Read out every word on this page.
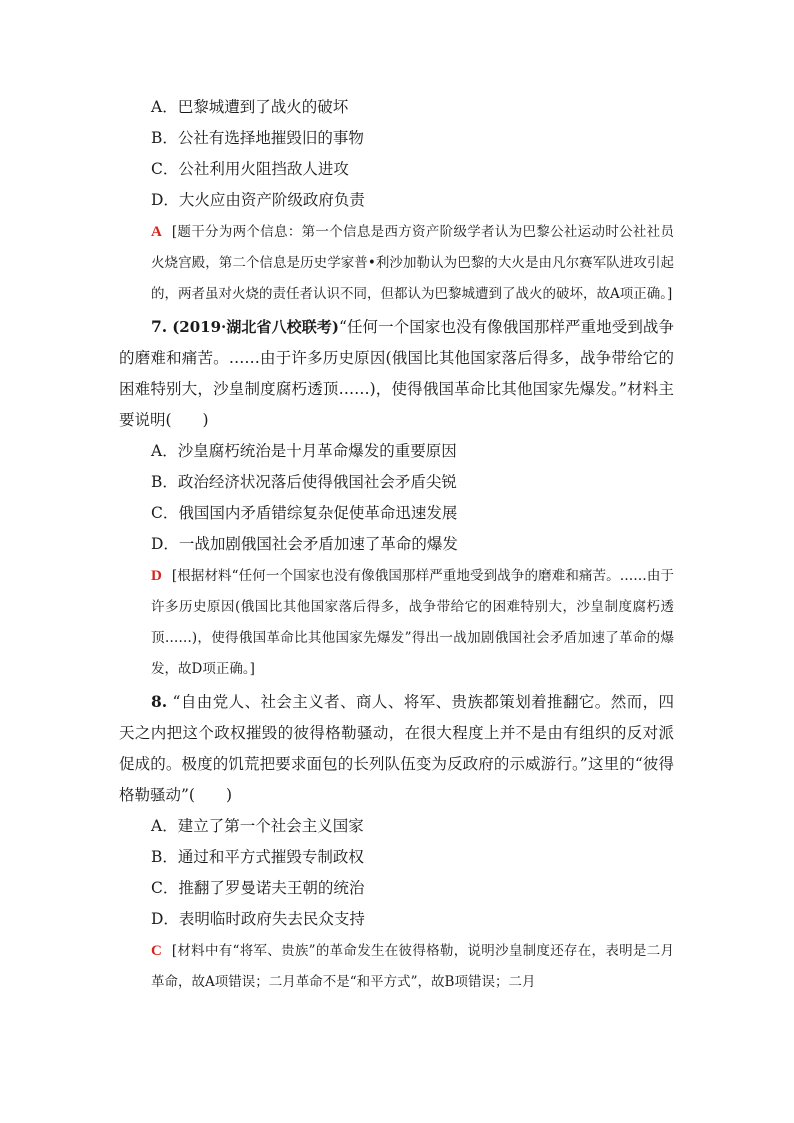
A．巴黎城遭到了战火的破坏
B．公社有选择地摧毁旧的事物
C．公社利用火阻挡敌人进攻
D．大火应由资产阶级政府负责
A [题干分为两个信息：第一个信息是西方资产阶级学者认为巴黎公社运动时公社社员火烧宫殿，第二个信息是历史学家普•利沙加勒认为巴黎的大火是由凡尔赛军队进攻引起的，两者虽对火烧的责任者认识不同，但都认为巴黎城遭到了战火的破坏，故A项正确。]
7. (2019·湖北省八校联考)“任何一个国家也没有像俄国那样严重地受到战争的磨难和痛苦。……由于许多历史原因(俄国比其他国家落后得多，战争带给它的困难特别大，沙皇制度腐朽透顶……)，使得俄国革命比其他国家先爆发。”材料主要说明(　　)
A．沙皇腐朽统治是十月革命爆发的重要原因
B．政治经济状况落后使得俄国社会矛盾尖锐
C．俄国国内矛盾错综复杂促使革命迅速发展
D．一战加剧俄国社会矛盾加速了革命的爆发
D [根据材料“任何一个国家也没有像俄国那样严重地受到战争的磨难和痛苦。……由于许多历史原因(俄国比其他国家落后得多，战争带给它的困难特别大，沙皇制度腐朽透顶……)，使得俄国革命比其他国家先爆发”得出一战加剧俄国社会矛盾加速了革命的爆发，故D项正确。]
8. “自由党人、社会主义者、商人、将军、贵族都策划着推翻它。然而，四天之内把这个政权摧毁的彼得格勒骚动，在很大程度上并不是由有组织的反对派促成的。极度的饥荒把要求面包的长列队伍变为反政府的示威游行。”这里的“彼得格勒骚动”(　　)
A．建立了第一个社会主义国家
B．通过和平方式摧毁专制政权
C．推翻了罗曼诺夫王朝的统治
D．表明临时政府失去民众支持
C [材料中有“将军、贵族”的革命发生在彼得格勒，说明沙皇制度还存在，表明是二月革命，故A项错误；二月革命不是“和平方式”，故B项错误；二月
